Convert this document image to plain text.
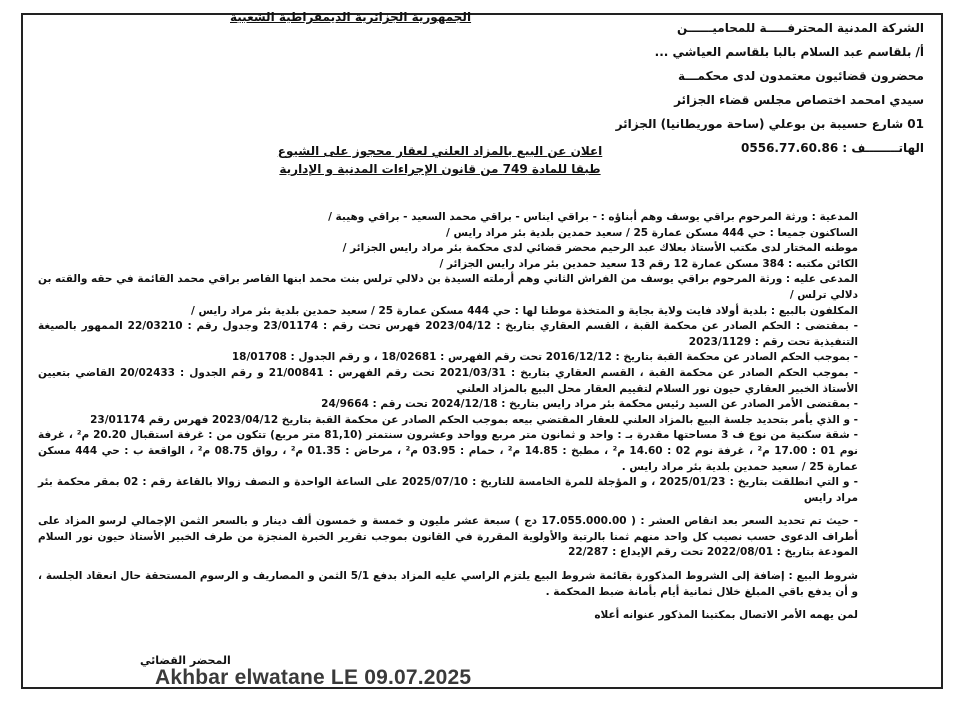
الجمهورية الجزائرية الديمقراطية الشعبية
الشركة المدنية المحترفـــــة للمحاميــــــن
أ/ بلقاسم عبد السلام بالبا بلقاسم العياشي ...
محضرون قضائيون معتمدون لدى محكمـــة
سيدي امحمد اختصاص مجلس قضاء الجزائر
01 شارع حسيبة بن بوعلي (ساحة موريطانيا) الجزائر
الهاتــــــــف : 0556.77.60.86
اعلان عن البيع بالمزاد العلني لعقار محجوز على الشيوع
طبقا للمادة 749 من قانون الإجراءات المدنية و الإدارية

المدعية : ورثة المرحوم براقي يوسف وهم أبناؤه : - براقي ايناس - براقي محمد السعيد - براقي وهيبة /

الساكنون جميعا : حي 444 مسكن عمارة 25 / سعيد حمدين بلدية بئر مراد رايس /

موطنه المختار لدى مكتب الأستاذ بعلاك عبد الرحيم محضر قضائي لدى محكمة بئر مراد رايس الجزائر /

الكائن مكتبه : 384 مسكن عمارة 12 رقم 13 سعيد حمدين بئر مراد رايس الجزائر /

المدعى عليه : ورثة المرحوم براقي يوسف من الفراش الثاني وهم أرملته السيدة بن دلالي ترلس بنت محمد ابنها القاصر براقي محمد القائمة في حقه والقته بن دلالي ترلس /

المكلفون بالبيع : بلدية أولاد فايت ولاية بجاية و المتخذة موطنا لها : حي 444 مسكن عمارة 25 / سعيد حمدين بلدية بئر مراد رايس /

- بمقتضى : الحكم الصادر عن محكمة القبة ، القسم العقاري بتاريخ : 2023/04/12 فهرس تحت رقم : 23/01174 وجدول رقم : 22/03210 الممهور بالصيغة التنفيذية تحت رقم : 2023/1129

- بموجب الحكم الصادر عن محكمة القبة بتاريخ : 2016/12/12 تحت رقم الفهرس : 18/02681 ، و رقم الجدول : 18/01708

- بموجب الحكم الصادر عن محكمة القبة ، القسم العقاري بتاريخ : 2021/03/31 تحت رقم الفهرس : 21/00841 و رقم الجدول : 20/02433 القاضي بتعيين الأستاذ الخبير العقاري حيون نور السلام لتقييم العقار محل البيع بالمزاد العلني

- بمقتضى الأمر الصادر عن السيد رئيس محكمة بئر مراد رايس بتاريخ : 2024/12/18 تحت رقم : 24/9664

- و الذي يأمر بتحديد جلسة البيع بالمزاد العلني للعقار المقتضي بيعه بموجب الحكم الصادر عن محكمة القبة بتاريخ 2023/04/12 فهرس رقم 23/01174

- شقة سكنية من نوع ف 3 مساحتها مقدرة بـ : واحد و ثمانون متر مربع وواحد وعشرون سنتمتر (81,10 متر مربع) تتكون من : غرفة استقبال 20.20 م² ، غرفة نوم 01 : 17.00 م² ، غرفة نوم 02 : 14.60 م² ، مطبخ : 14.85 م² ، حمام : 03.95 م² ، مرحاض : 01.35 م² ، رواق 08.75 م² ، الواقعة ب : حي 444 مسكن عمارة 25 / سعيد حمدين بلدية بئر مراد رايس .

- و التي انطلقت بتاريخ : 2025/01/23 ، و المؤجلة للمرة الخامسة للتاريخ : 2025/07/10 على الساعة الواحدة و النصف زوالا بالقاعة رقم : 02 بمقر محكمة بئر مراد رايس

- حيث تم تحديد السعر بعد انقاص العشر : ( 17.055.000.00 دج ) سبعة عشر مليون و خمسة و خمسون ألف دينار و بالسعر الثمن الإجمالي لرسو المزاد على أطراف الدعوى حسب نصيب كل واحد منهم ثمنا بالرتبة والأولوية المقررة في القانون بموجب تقرير الخبرة المنجزة من طرف الخبير الأستاذ حيون نور السلام المودعة بتاريخ : 2022/08/01 تحت رقم الإيداع : 22/287

شروط البيع : إضافة إلى الشروط المذكورة بقائمة شروط البيع يلتزم الراسي عليه المزاد بدفع 5/1 الثمن و المصاريف و الرسوم المستحقة حال انعقاد الجلسة ، و أن يدفع باقي المبلغ خلال ثمانية أيام بأمانة ضبط المحكمة .

لمن يهمه الأمر الاتصال بمكتبنا المذكور عنوانه أعلاه

المحضر القضائي
Akhbar elwatane LE 09.07.2025
